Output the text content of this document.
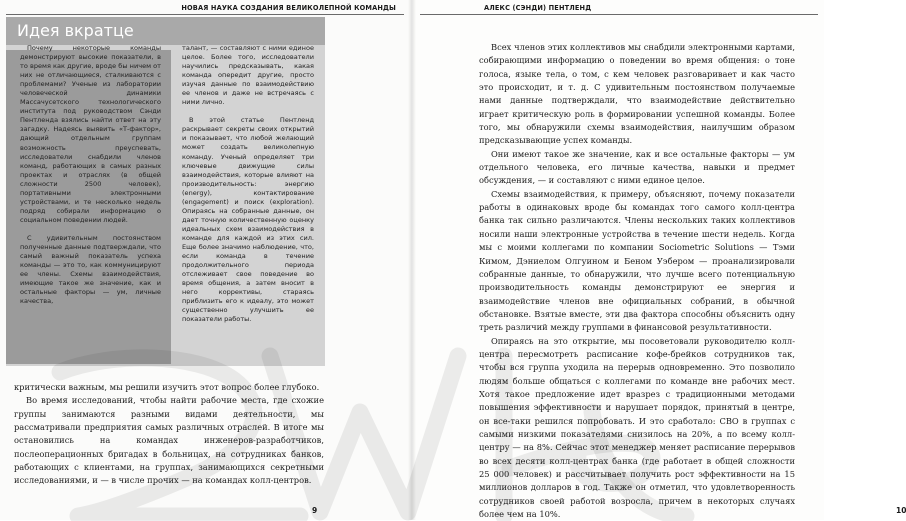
НОВАЯ НАУКА СОЗДАНИЯ ВЕЛИКОЛЕПНОЙ КОМАНДЫ
Идея вкратце

Почему некоторые команды демонстрируют высокие показатели, в то время как другие, вроде бы ничем от них не отличающиеся, сталкиваются с проблемами? Ученые из лаборатории человеческой динамики Массачусетского технологического института под руководством Сэнди Пентленда взялись найти ответ на эту загадку. Надеясь выявить «Т-фактор», дающий отдельным группам возможность преуспевать, исследователи снабдили членов команд, работающих в самых разных проектах и отраслях (в общей сложности 2500 человек), портативными электронными устройствами, и те несколько недель подряд собирали информацию о социальном поведении людей.

С удивительным постоянством полученные данные подтверждали, что самый важный показатель успеха команды — это то, как коммуницируют ее члены. Схемы взаимодействия, имеющие такое же значение, как и остальные факторы — ум, личные качества,

талант, — составляют с ними единое целое. Более того, исследователи научились предсказывать, какая команда опередит другие, просто изучая данные по взаимодействию ее членов и даже не встречаясь с ними лично.

В этой статье Пентленд раскрывает секреты своих открытий и показывает, что любой желающий может создать великолепную команду. Ученый определяет три ключевые движущие силы взаимодействия, которые влияют на производительность: энергию (energy), контактирование (engagement) и поиск (exploration). Опираясь на собранные данные, он дает точную количественную оценку идеальных схем взаимодействия в команде для каждой из этих сил. Еще более значимо наблюдение, что, если команда в течение продолжительного периода отслеживает свое поведение во время общения, а затем вносит в него коррективы, стараясь приблизить его к идеалу, это может существенно улучшить ее показатели работы.

критически важным, мы решили изучить этот вопрос более глубоко.

Во время исследований, чтобы найти рабочие места, где схожие группы занимаются разными видами деятельности, мы рассматривали предприятия самых различных отраслей. В итоге мы остановились на командах инженеров-разработчиков, послеоперационных бригадах в больницах, на сотрудниках банков, работающих с клиентами, на группах, занимающихся секретными исследованиями, и — в числе прочих — на командах колл-центров.

9
АЛЕКС (СЭНДИ) ПЕНТЛЕНД

Всех членов этих коллективов мы снабдили электронными картами, собирающими информацию о поведении во время общения: о тоне голоса, языке тела, о том, с кем человек разговаривает и как часто это происходит, и т. д. С удивительным постоянством получаемые нами данные подтверждали, что взаимодействие действительно играет критическую роль в формировании успешной команды. Более того, мы обнаружили схемы взаимодействия, наилучшим образом предсказывающие успех команды.

Они имеют такое же значение, как и все остальные факторы — ум отдельного человека, его личные качества, навыки и предмет обсуждения, — и составляют с ними единое целое.

Схемы взаимодействия, к примеру, объясняют, почему показатели работы в одинаковых вроде бы командах того самого колл-центра банка так сильно различаются. Члены нескольких таких коллективов носили наши электронные устройства в течение шести недель. Когда мы с моими коллегами по компании Sociometric Solutions — Тэми Кимом, Дэниелом Олгуином и Беном Уэбером — проанализировали собранные данные, то обнаружили, что лучше всего потенциальную производительность команды демонстрируют ее энергия и взаимодействие членов вне официальных собраний, в обычной обстановке. Взятые вместе, эти два фактора способны объяснить одну треть различий между группами в финансовой результативности.

Опираясь на это открытие, мы посоветовали руководителю колл-центра пересмотреть расписание кофе-брейков сотрудников так, чтобы вся группа уходила на перерыв одновременно. Это позволило людям больше общаться с коллегами по команде вне рабочих мест. Хотя такое предложение идет вразрез с традиционными методами повышения эффективности и нарушает порядок, принятый в центре, он все-таки решился попробовать. И это сработало: СВО в группах с самыми низкими показателями снизилось на 20%, а по всему колл-центру — на 8%. Сейчас этот менеджер меняет расписание перерывов во всех десяти колл-центрах банка (где работает в общей сложности 25 000 человек) и рассчитывает получить рост эффективности на 15 миллионов долларов в год. Также он отметил, что удовлетворенность сотрудников своей работой возросла, причем в некоторых случаях более чем на 10%.	10
